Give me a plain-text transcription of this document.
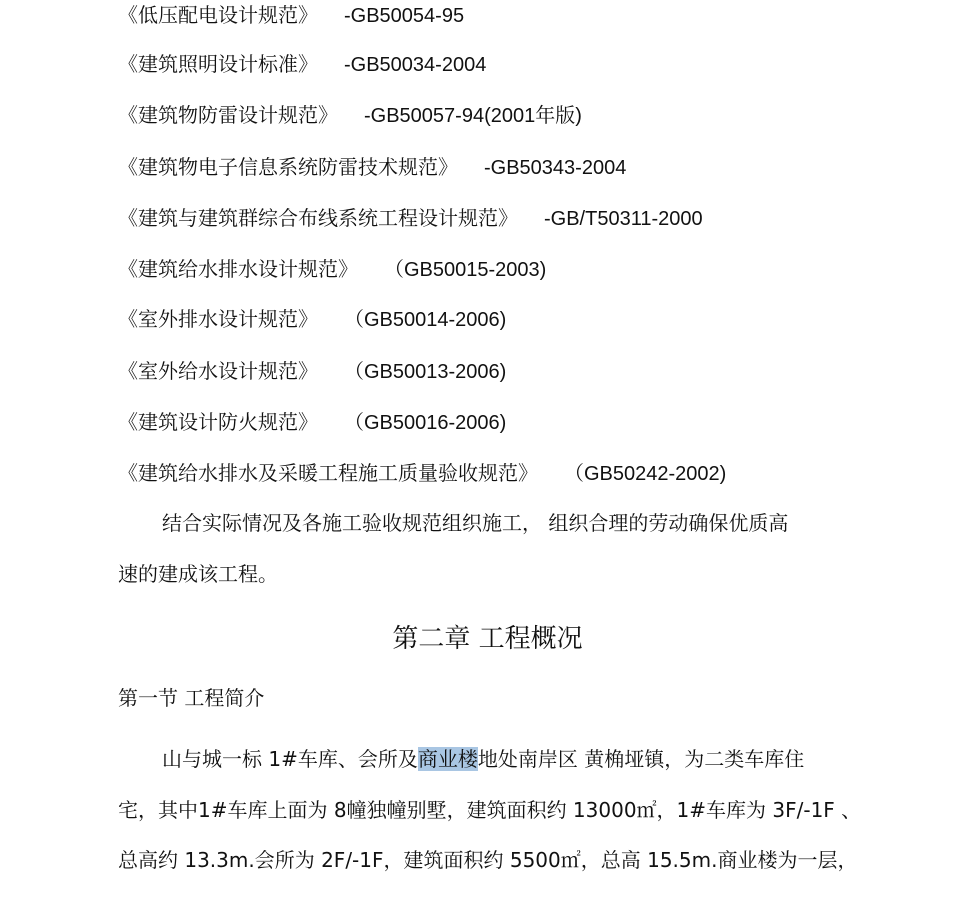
《低压配电设计规范》 -GB50054-95
《建筑照明设计标准》 -GB50034-2004
《建筑物防雷设计规范》 -GB50057-94(2001年版)
《建筑物电子信息系统防雷技术规范》 -GB50343-2004
《建筑与建筑群综合布线系统工程设计规范》 -GB/T50311-2000
《建筑给水排水设计规范》 （GB50015-2003)
《室外排水设计规范》 （GB50014-2006)
《室外给水设计规范》 （GB50013-2006)
《建筑设计防火规范》 （GB50016-2006)
《建筑给水排水及采暖工程施工质量验收规范》 （GB50242-2002)
结合实际情况及各施工验收规范组织施工， 组织合理的劳动确保优质高
速的建成该工程。
第二章 工程概况
第一节 工程简介
山与城一标 1#车库、会所及商业楼地处南岸区 黄桷垭镇，为二类车库住
宅，其中1#车库上面为 8幢独幢别墅，建筑面积约 13000㎡，1#车库为 3F/-1F 、
总高约 13.3m.会所为 2F/-1F，建筑面积约 5500㎡，总高 15.5m.商业楼为一层，
